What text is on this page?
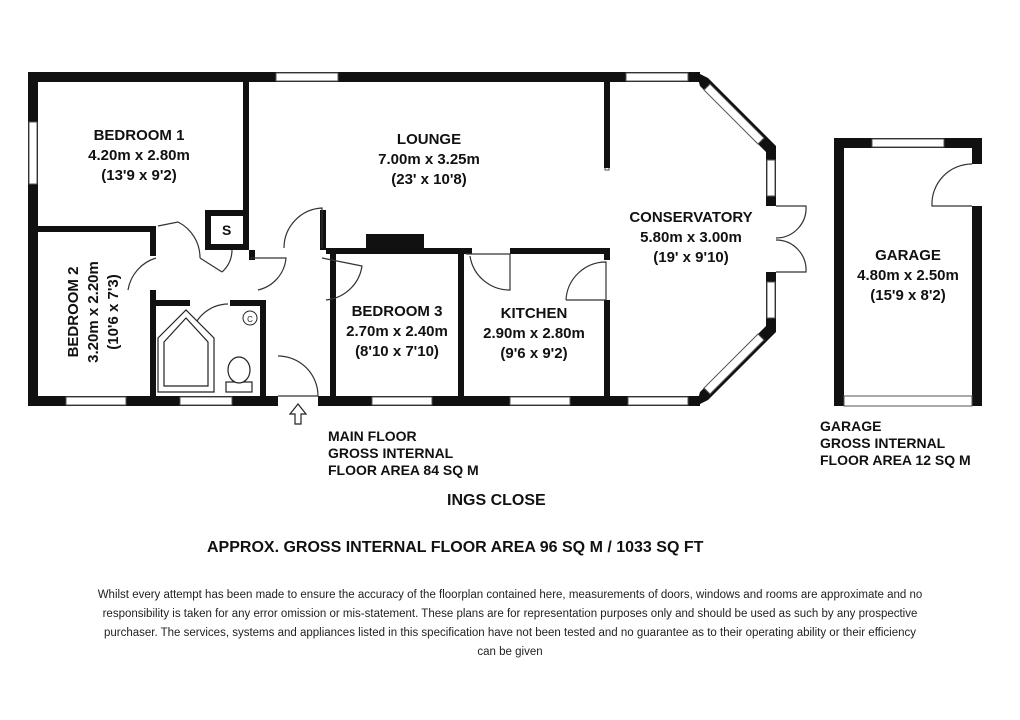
C
BEDROOM 1
4.20m x 2.80m
(13'9 x 9'2)
LOUNGE
7.00m x 3.25m
(23' x 10'8)
CONSERVATORY
5.80m x 3.00m
(19' x 9'10)
BEDROOM 2 3.20m x 2.20m (10'6 x 7'3)	BEDROOM 3
2.70m x 2.40m
(8'10 x 7'10)
KITCHEN
2.90m x 2.80m
(9'6 x 9'2)
GARAGE
4.80m x 2.50m
(15'9 x 8'2)
S
MAIN FLOOR
GROSS INTERNAL
FLOOR AREA 84 SQ M
GARAGE
GROSS INTERNAL
FLOOR AREA 12 SQ M
INGS CLOSE
APPROX. GROSS INTERNAL FLOOR AREA 96 SQ M / 1033 SQ FT
Whilst every attempt has been made to ensure the accuracy of the floorplan contained here, measurements of doors, windows and rooms are approximate and no responsibility is taken for any error omission or mis-statement. These plans are for representation purposes only and should be used as such by any prospective purchaser. The services, systems and appliances listed in this specification have not been tested and no guarantee as to their operating ability or their efficiency can be given
